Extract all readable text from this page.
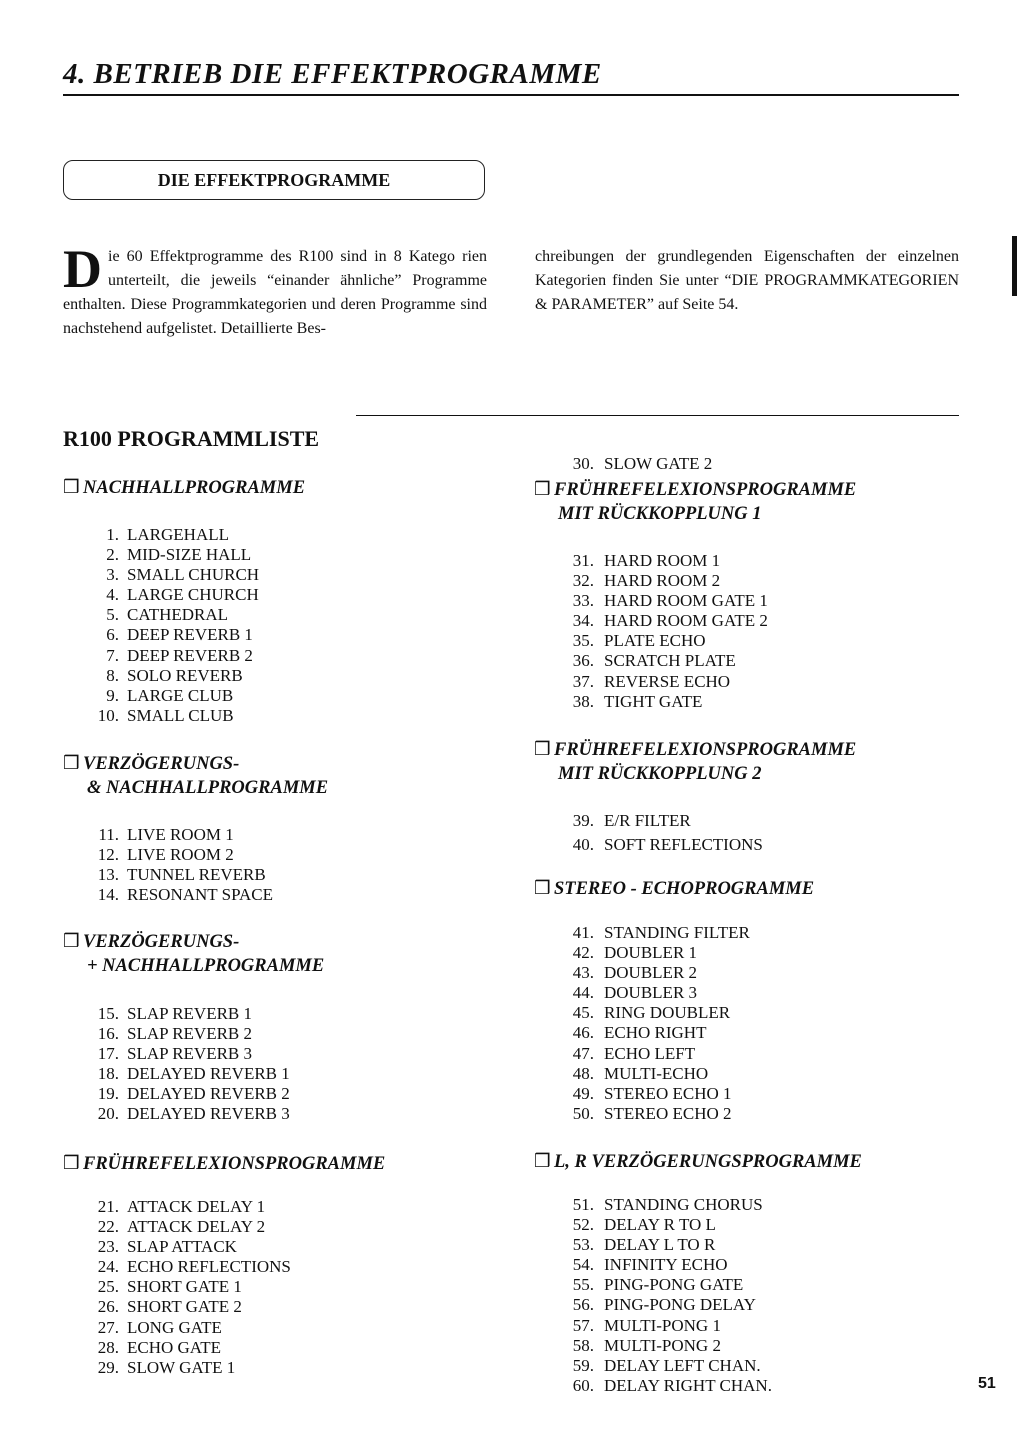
4. BETRIEB DIE EFFEKTPROGRAMME
DIE EFFEKTPROGRAMME
D ie 60 Effektprogramme des R100 sind in 8 Katego rien unterteilt, die jeweils “einander ähnliche” Programme enthalten. Diese Programmkategorien und deren Programme sind nachstehend aufgelistet. Detaillierte Bes-
chreibungen der grundlegenden Eigenschaften der einzelnen Kategorien finden Sie unter “DIE PROGRAMMKATEGORIEN & PARAMETER” auf Seite 54.
R100 PROGRAMMLISTE
❒ NACHHALLPROGRAMME
1. LARGEHALL
2. MID-SIZE HALL
3. SMALL CHURCH
4. LARGE CHURCH
5. CATHEDRAL
6. DEEP REVERB 1
7. DEEP REVERB 2
8. SOLO REVERB
9. LARGE CLUB
10. SMALL CLUB
❒ VERZÖGERUNGS-
& NACHHALLPROGRAMME
11. LIVE ROOM 1
12. LIVE ROOM 2
13. TUNNEL REVERB
14. RESONANT SPACE
❒ VERZÖGERUNGS-
+ NACHHALLPROGRAMME
15. SLAP REVERB 1
16. SLAP REVERB 2
17. SLAP REVERB 3
18. DELAYED REVERB 1
19. DELAYED REVERB 2
20. DELAYED REVERB 3
❒ FRÜHREFELEXIONSPROGRAMME
21. ATTACK DELAY 1
22. ATTACK DELAY 2
23. SLAP ATTACK
24. ECHO REFLECTIONS
25. SHORT GATE 1
26. SHORT GATE 2
27. LONG GATE
28. ECHO GATE
29. SLOW GATE 1
30. SLOW GATE 2
❒ FRÜHREFELEXIONSPROGRAMME
MIT RÜCKKOPPLUNG 1
31. HARD ROOM 1
32. HARD ROOM 2
33. HARD ROOM GATE 1
34. HARD ROOM GATE 2
35. PLATE ECHO
36. SCRATCH PLATE
37. REVERSE ECHO
38. TIGHT GATE
❒ FRÜHREFELEXIONSPROGRAMME
MIT RÜCKKOPPLUNG 2
39. E/R FILTER
40. SOFT REFLECTIONS
❒ STEREO - ECHOPROGRAMME
41. STANDING FILTER
42. DOUBLER 1
43. DOUBLER 2
44. DOUBLER 3
45. RING DOUBLER
46. ECHO RIGHT
47. ECHO LEFT
48. MULTI-ECHO
49. STEREO ECHO 1
50. STEREO ECHO 2
❒ L, R VERZÖGERUNGSPROGRAMME
51. STANDING CHORUS
52. DELAY R TO L
53. DELAY L TO R
54. INFINITY ECHO
55. PING-PONG GATE
56. PING-PONG DELAY
57. MULTI-PONG 1
58. MULTI-PONG 2
59. DELAY LEFT CHAN.
60. DELAY RIGHT CHAN.	51
